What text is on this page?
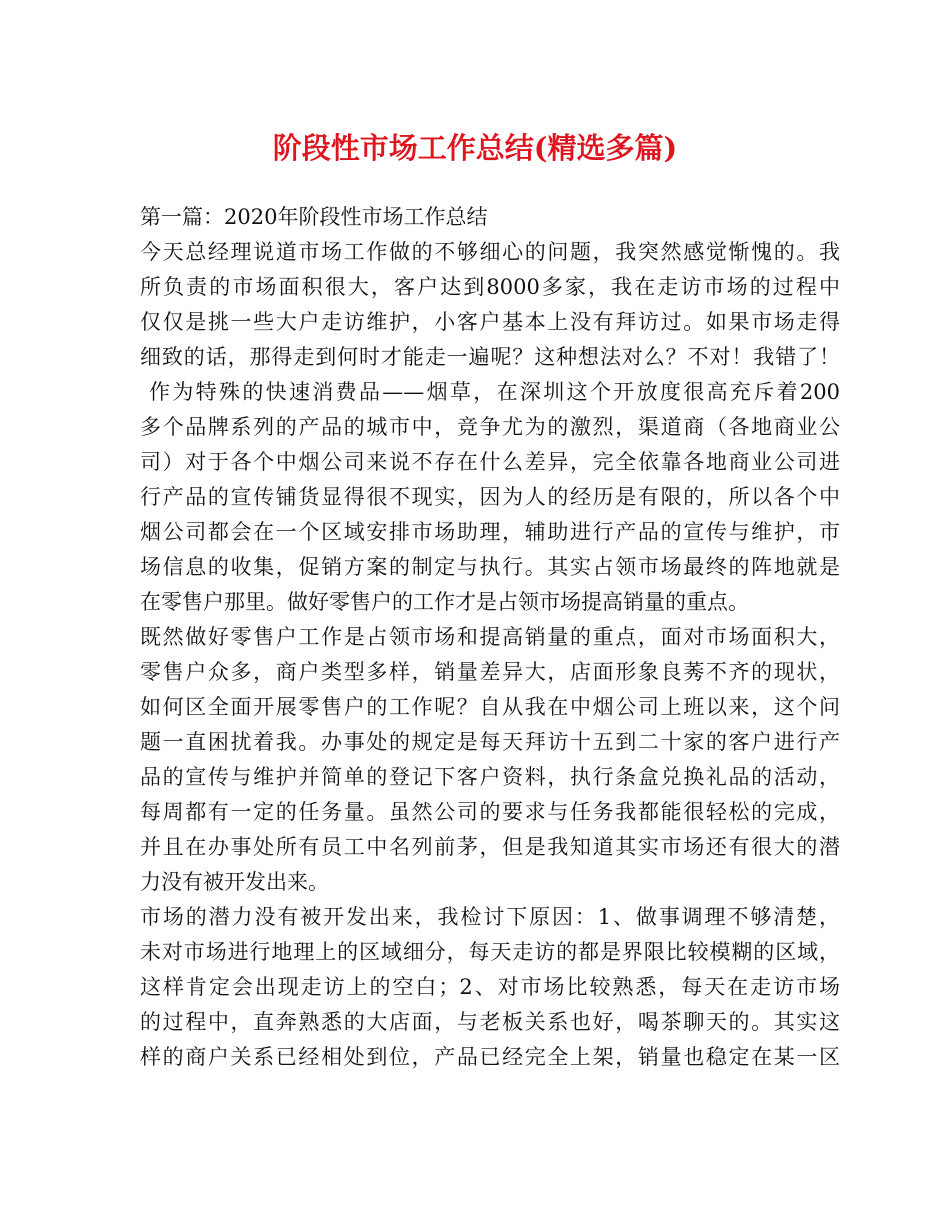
阶段性市场工作总结(精选多篇)
第一篇：2020年阶段性市场工作总结
今天总经理说道市场工作做的不够细心的问题，我突然感觉惭愧的。我
所负责的市场面积很大，客户达到8000多家，我在走访市场的过程中
仅仅是挑一些大户走访维护，小客户基本上没有拜访过。如果市场走得
细致的话，那得走到何时才能走一遍呢？这种想法对么？不对！我错了！
作为特殊的快速消费品——烟草，在深圳这个开放度很高充斥着200
多个品牌系列的产品的城市中，竞争尤为的激烈，渠道商（各地商业公
司）对于各个中烟公司来说不存在什么差异，完全依靠各地商业公司进
行产品的宣传铺货显得很不现实，因为人的经历是有限的，所以各个中
烟公司都会在一个区域安排市场助理，辅助进行产品的宣传与维护，市
场信息的收集，促销方案的制定与执行。其实占领市场最终的阵地就是
在零售户那里。做好零售户的工作才是占领市场提高销量的重点。
既然做好零售户工作是占领市场和提高销量的重点，面对市场面积大，
零售户众多，商户类型多样，销量差异大，店面形象良莠不齐的现状，
如何区全面开展零售户的工作呢？自从我在中烟公司上班以来，这个问
题一直困扰着我。办事处的规定是每天拜访十五到二十家的客户进行产
品的宣传与维护并简单的登记下客户资料，执行条盒兑换礼品的活动，
每周都有一定的任务量。虽然公司的要求与任务我都能很轻松的完成，
并且在办事处所有员工中名列前茅，但是我知道其实市场还有很大的潜
力没有被开发出来。
市场的潜力没有被开发出来，我检讨下原因：1、做事调理不够清楚，
未对市场进行地理上的区域细分，每天走访的都是界限比较模糊的区域，
这样肯定会出现走访上的空白；2、对市场比较熟悉，每天在走访市场
的过程中，直奔熟悉的大店面，与老板关系也好，喝茶聊天的。其实这
样的商户关系已经相处到位，产品已经完全上架，销量也稳定在某一区
